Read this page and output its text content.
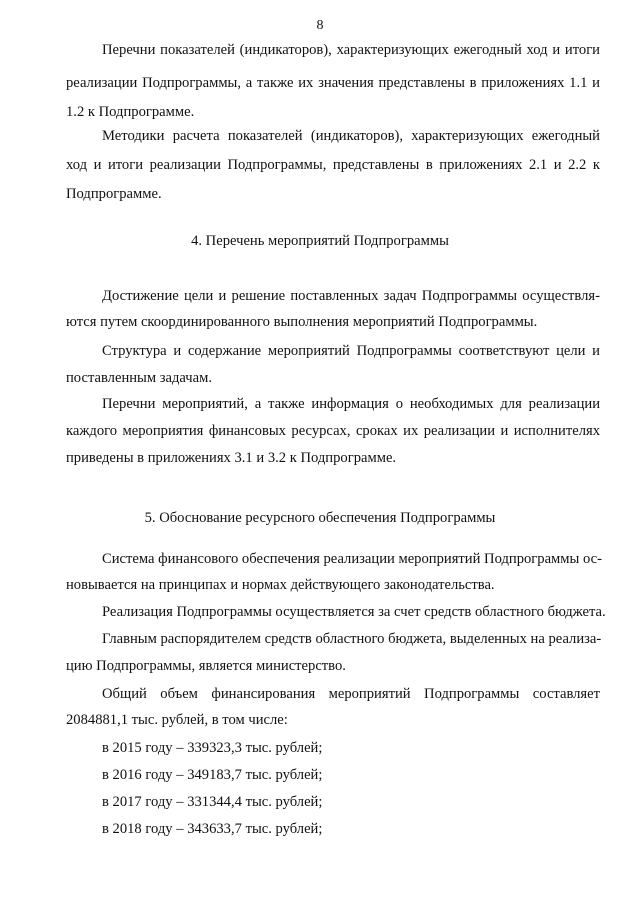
8
Перечни показателей (индикаторов), характеризующих ежегодный ход и итоги
реализации Подпрограммы, а также их значения представлены в приложениях 1.1 и
1.2 к Подпрограмме.
Методики расчета показателей (индикаторов), характеризующих ежегодный
ход и итоги реализации Подпрограммы, представлены в приложениях 2.1 и 2.2 к
Подпрограмме.
4. Перечень мероприятий Подпрограммы
Достижение цели и решение поставленных задач Подпрограммы осуществля-
ются путем скоординированного выполнения мероприятий Подпрограммы.
Структура и содержание мероприятий Подпрограммы соответствуют цели и
поставленным задачам.
Перечни мероприятий, а также информация о необходимых для реализации
каждого мероприятия финансовых ресурсах, сроках их реализации и исполнителях
приведены в приложениях 3.1 и 3.2 к Подпрограмме.
5. Обоснование ресурсного обеспечения Подпрограммы
Система финансового обеспечения реализации мероприятий Подпрограммы ос-
новывается на принципах и нормах действующего законодательства.
Реализация Подпрограммы осуществляется за счет средств областного бюджета.
Главным распорядителем средств областного бюджета, выделенных на реализа-
цию Подпрограммы, является министерство.
Общий объем финансирования мероприятий Подпрограммы составляет
2084881,1 тыс. рублей, в том числе:
в 2015 году – 339323,3 тыс. рублей;
в 2016 году – 349183,7 тыс. рублей;
в 2017 году – 331344,4 тыс. рублей;
в 2018 году – 343633,7 тыс. рублей;
